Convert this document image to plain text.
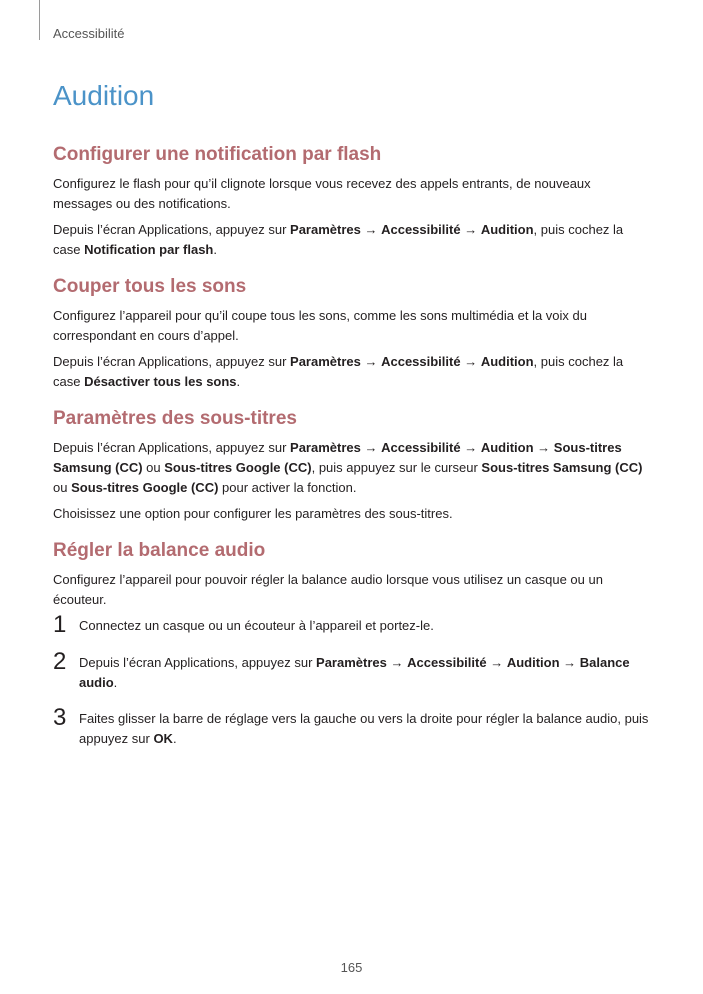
Accessibilité
Audition
Configurer une notification par flash

Configurez le flash pour qu’il clignote lorsque vous recevez des appels entrants, de nouveaux messages ou des notifications.

Depuis l’écran Applications, appuyez sur Paramètres → Accessibilité → Audition, puis cochez la case Notification par flash.

Couper tous les sons

Configurez l’appareil pour qu’il coupe tous les sons, comme les sons multimédia et la voix du correspondant en cours d’appel.

Depuis l’écran Applications, appuyez sur Paramètres → Accessibilité → Audition, puis cochez la case Désactiver tous les sons.

Paramètres des sous-titres

Depuis l’écran Applications, appuyez sur Paramètres → Accessibilité → Audition → Sous-titres Samsung (CC) ou Sous-titres Google (CC), puis appuyez sur le curseur Sous-titres Samsung (CC) ou Sous-titres Google (CC) pour activer la fonction.

Choisissez une option pour configurer les paramètres des sous-titres.

Régler la balance audio

Configurez l’appareil pour pouvoir régler la balance audio lorsque vous utilisez un casque ou un écouteur.

1 Connectez un casque ou un écouteur à l’appareil et portez-le.
2 Depuis l’écran Applications, appuyez sur Paramètres → Accessibilité → Audition → Balance audio.
3 Faites glisser la barre de réglage vers la gauche ou vers la droite pour régler la balance audio, puis appuyez sur OK.
165
